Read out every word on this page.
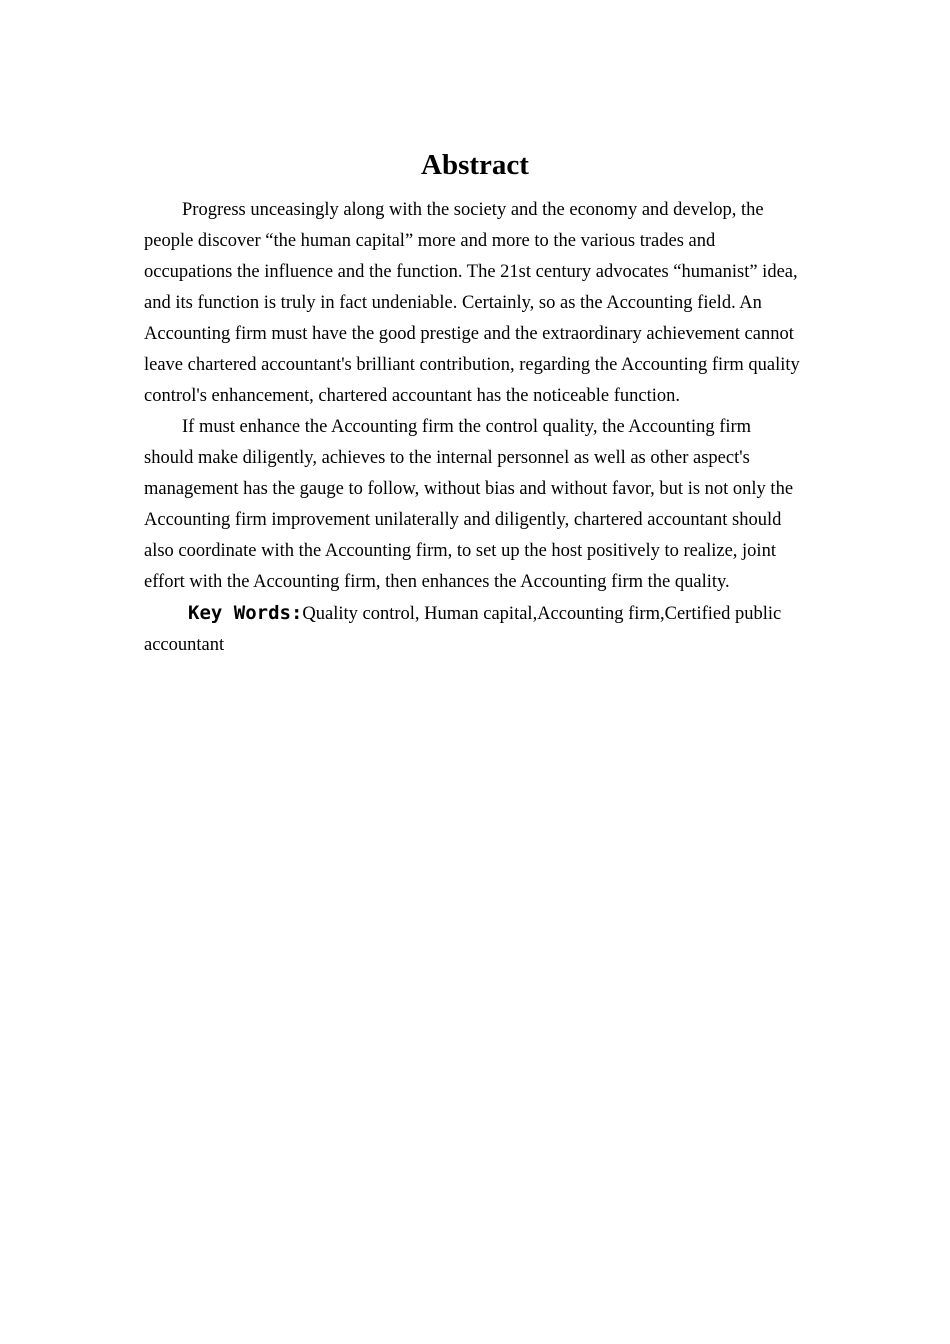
Abstract

Progress unceasingly along with the society and the economy and develop, the people discover “the human capital” more and more to the various trades and occupations the influence and the function. The 21st century advocates “humanist” idea, and its function is truly in fact undeniable. Certainly, so as the Accounting field. An Accounting firm must have the good prestige and the extraordinary achievement cannot leave chartered accountant's brilliant contribution, regarding the Accounting firm quality control's enhancement, chartered accountant has the noticeable function.

If must enhance the Accounting firm the control quality, the Accounting firm should make diligently, achieves to the internal personnel as well as other aspect's management has the gauge to follow, without bias and without favor, but is not only the Accounting firm improvement unilaterally and diligently, chartered accountant should also coordinate with the Accounting firm, to set up the host positively to realize, joint effort with the Accounting firm, then enhances the Accounting firm the quality.

Key Words:Quality control, Human capital,Accounting firm,Certified public accountant
